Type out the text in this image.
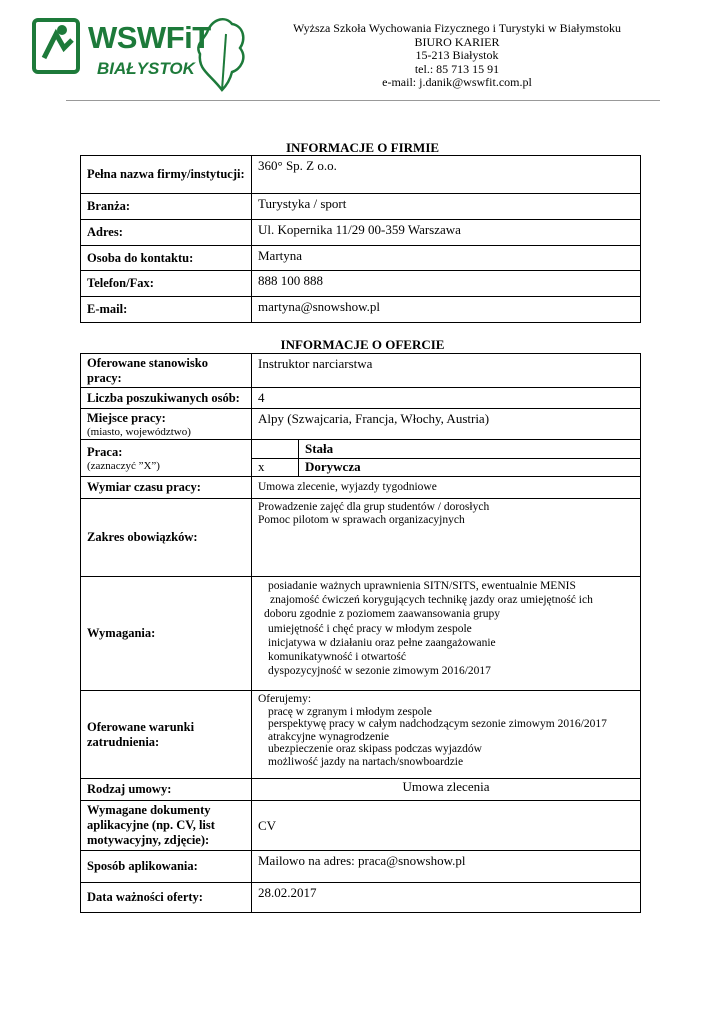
WSWFiT
BIAŁYSTOK
Wyższa Szkoła Wychowania Fizycznego i Turystyki w Białymstoku
BIURO KARIER
15-213 Białystok
tel.: 85 713 15 91
e-mail: j.danik@wswfit.com.pl
INFORMACJE O FIRMIE
Pełna nazwa firmy/instytucji:	360° Sp. Z o.o.
Branża:	Turystyka / sport
Adres:	Ul. Kopernika 11/29 00-359 Warszawa
Osoba do kontaktu:	Martyna
Telefon/Fax:	888 100 888
E-mail:	martyna@snowshow.pl
INFORMACJE O OFERCIE
Oferowane stanowisko pracy:	Instruktor narciarstwa
Liczba poszukiwanych osób:	4
Miejsce pracy:
(miasto, województwo)
	Alpy (Szwajcaria, Francja, Włochy, Austria)
Praca:
(zaznaczyć ”X”)

	Stała
x	Dorywcza

Wymiar czasu pracy:	Umowa zlecenie, wyjazdy tygodniowe
Zakres obowiązków:	
Prowadzenie zajęć dla grup studentów / dorosłych
Pomoc pilotom w sprawach organizacyjnych

Wymagania:	
posiadanie ważnych uprawnienia SITN/SITS, ewentualnie MENIS
znajomość ćwiczeń korygujących technikę jazdy oraz umiejętność ich
doboru zgodnie z poziomem zaawansowania grupy
umiejętność i chęć pracy w młodym zespole
inicjatywa w działaniu oraz pełne zaangażowanie
komunikatywność i otwartość
dyspozycyjność w sezonie zimowym 2016/2017

Oferowane warunki zatrudnienia:	
Oferujemy:
pracę w zgranym i młodym zespole
perspektywę pracy w całym nadchodzącym sezonie zimowym 2016/2017
atrakcyjne wynagrodzenie
ubezpieczenie oraz skipass podczas wyjazdów
możliwość jazdy na nartach/snowboardzie

Rodzaj umowy:	Umowa zlecenia
Wymagane dokumenty aplikacyjne (np. CV, list motywacyjny, zdjęcie):	CV
Sposób aplikowania:	Mailowo na adres: praca@snowshow.pl
Data ważności oferty:	28.02.2017
